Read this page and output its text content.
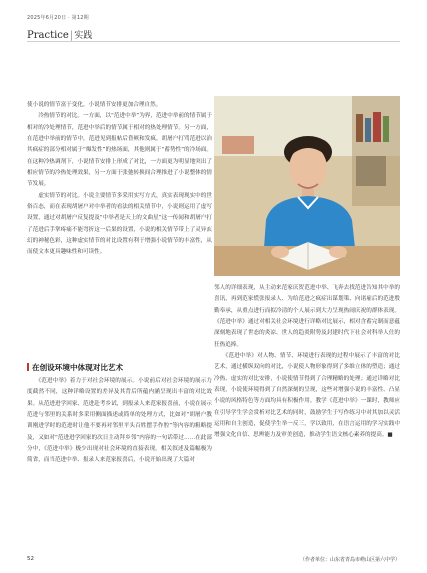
2025年6月20日 · 第12期
Practice|实践
使小说的情节富于变化，小说情节安排更加合理自然。
　　冷热情节的对比。一方面，以“范进中举”为界，范进中举前的情节属于相对的冷处理情节，范进中举后的情节属于相对的热处理情节。另一方面，在范进中举前的情节中，范进见到报帖后昏厥和发疯，胡屠户打骂范进以治其疯症的部分相对属于“爆发性”的热场面，其他则属于“蓄势性”的冷场面。在这种冷热调剂下，小说情节安排上形成了对比，一方面更为明显地突出了相应情节的冷热处理效果，另一方面于张弛转换间合理推进了小说整体的情节发展。
　　虚实情节的对比。小说主要情节多采用实写方式，真实表现现实中的世俗百态，而在表现胡屠户对中举者的看法的相关情节中，小说则运用了虚写设置，通过对胡屠户反复提及“中举者是天上的文曲星”这一传闻和胡屠户打了范进后手掌疼痛不能弯折这一后果的设置，小说的相关情节带上了灵异玄幻的神秘色彩，这种虚实情节的对比设置有利于增强小说情节的丰富性，从而使文本更具趣味性和可读性。
邻人的详细表现，从主动来范家庆贺范进中举、飞奔去找范进告知其中举的喜讯，再到范家慌张报录人、为给范进之疯症出谋划策、向诸雇后的范进殷勤奉承，从重点进行而拟冷清的个人展示到大力呈现热闹庆祝的群体表现。《范进中举》通过对相关社会环境进行详略对比展示，相对含蓄完制而意蕴深刻地表现了世态的炎凉、世人的趋炎附势及封建时代下社会对科举人仕的狂热追捧。
　　《范进中举》对人物、情节、环境进行表现的过程中展示了丰富的对比艺术，通过横纵双向的对比，小说使人物形象得到了多维立体的塑造；通过冷热、虚实的对比安排，小说使情节得到了合理精略的处理；通过详略对比表现，小说使环境得到了自然深刻的呈现，这些对增强小说的丰富性、凸显小说的风格特色等方面均具有积极作用。教学《范进中举》一课时，教师应在引导学生学会赏析对比艺术的同时，鼓励学生于写作练习中对其加以灵活运用和自主创造，促使学生举一反三，学以致用，在语言运用的学习实践中增强文化自信、思辨能力及审美创造，推动学生语文核心素养的提高。■
在创设环境中体现对比艺术
　　《范进中举》着力于对社会环境的展示。小说前后对社会环境的展示力度截然不同，这种详略设置的差异及其背后所蕴内涵呈现出丰富的对比效果。从范进进学回家、范进赴考乡试，到报录人来范家报喜前，小说在展示范进与邻里的关系时多采用侧面描述或简单的处理方式，比如对“胡屠户教训刚进学时的范进时让他不要再对邻里平头百姓摆手作腔”等内容的粗略提及，又如对“范进进学回家的次日主动拜乡邻”内容的一句话带过……在此部分中，《范进中举》极少出现对社会环境的直接表现，相关叙述及篇幅极为简省，而当范进中举、报录人来范家报喜后，小说开始出现了大篇对
（作者单位：山东省青岛市崂山区第六中学）
52
